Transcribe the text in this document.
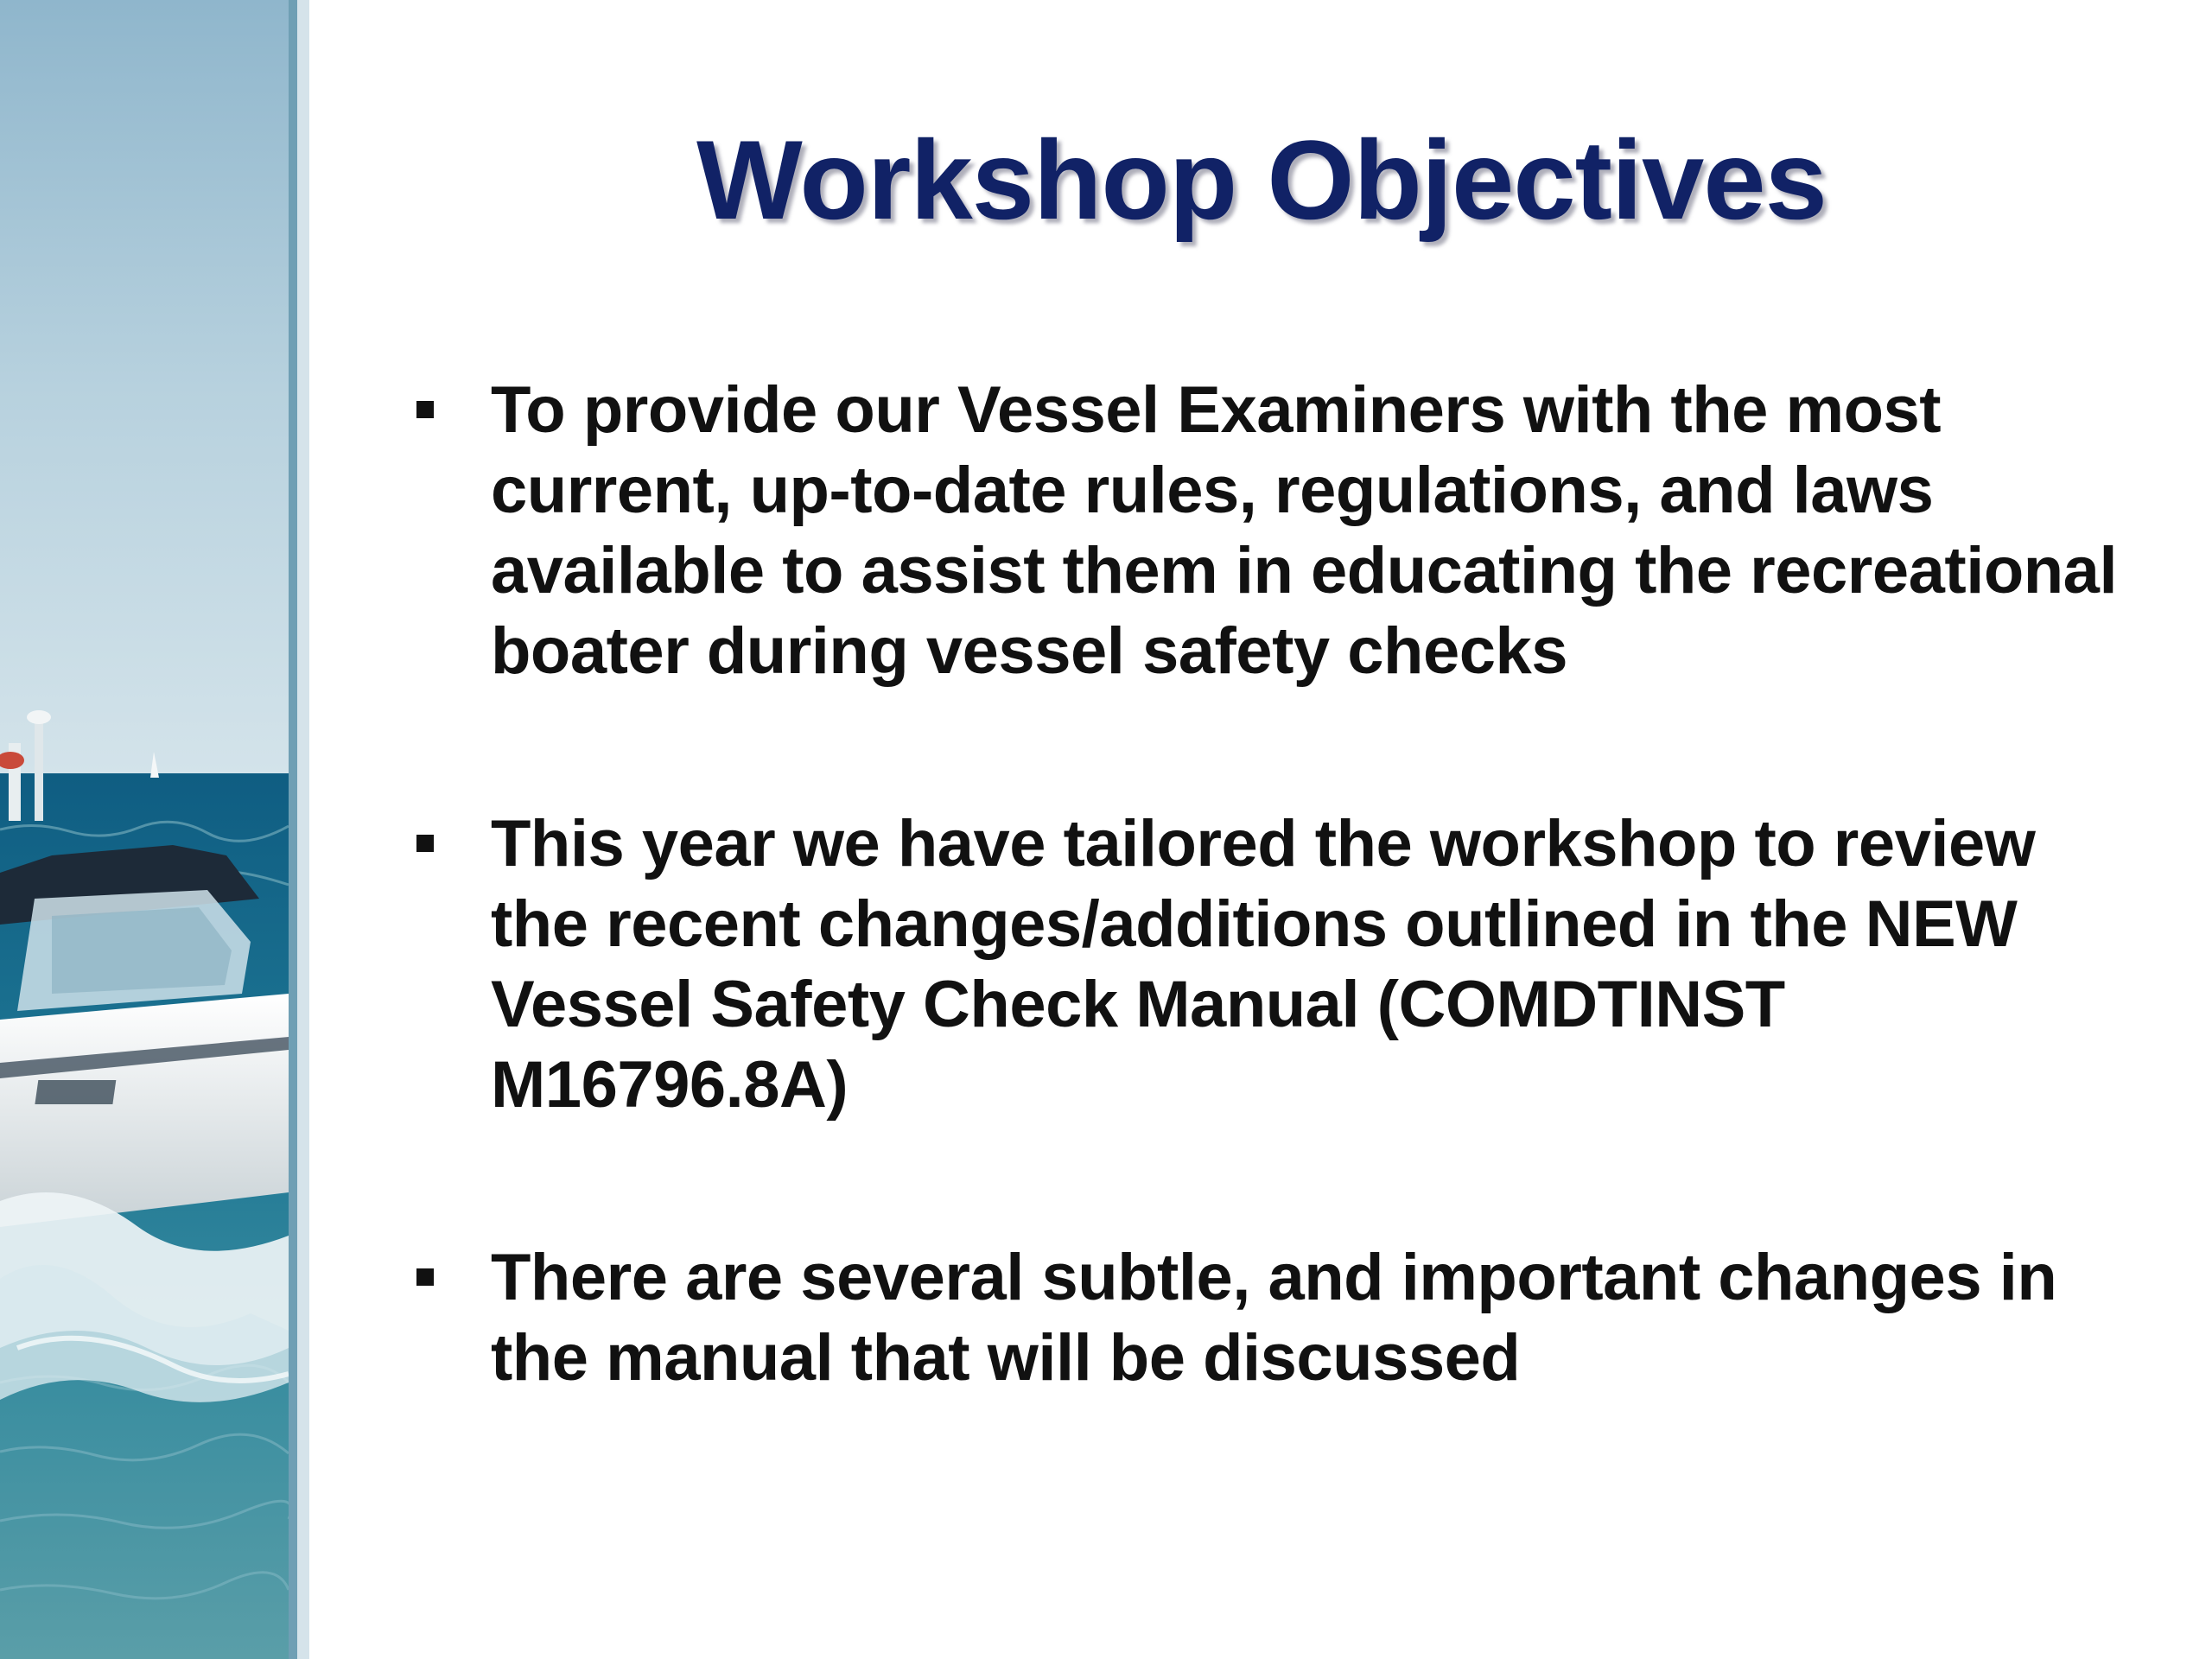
Workshop Objectives
To provide our Vessel Examiners with the most current, up-to-date rules, regulations, and laws available to assist them in educating the recreational boater during vessel safety checks
This year we have tailored the workshop to review the recent changes/additions outlined in the NEW Vessel Safety Check Manual (COMDTINST M16796.8A)
There are several subtle, and important changes in the manual that will be discussed
